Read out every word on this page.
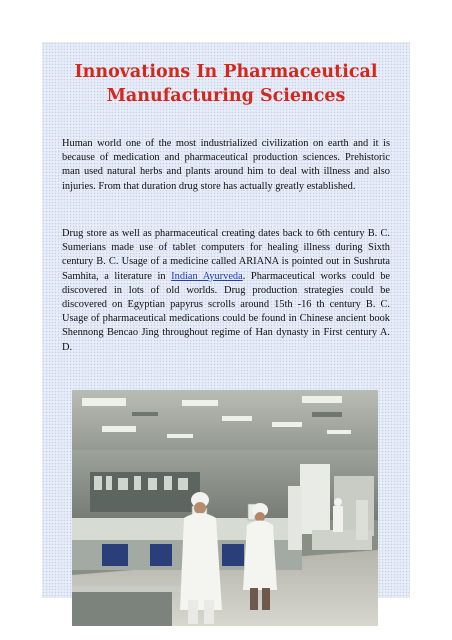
Innovations In Pharmaceutical
Manufacturing Sciences

Human world one of the most industrialized civilization on earth and it is because of medication and pharmaceutical production sciences. Prehistoric man used natural herbs and plants around him to deal with illness and also injuries. From that duration drug store has actually greatly established.

Drug store as well as pharmaceutical creating dates back to 6th century B. C. Sumerians made use of tablet computers for healing illness during Sixth century B. C. Usage of a medicine called ARIANA is pointed out in Sushruta Samhita, a literature in Indian Ayurveda. Pharmaceutical works could be discovered in lots of old worlds. Drug production strategies could be discovered on Egyptian papyrus scrolls around 15th -16 th century B. C. Usage of pharmaceutical medications could be found in Chinese ancient book Shennong Bencao Jing throughout regime of Han dynasty in First century A. D.
